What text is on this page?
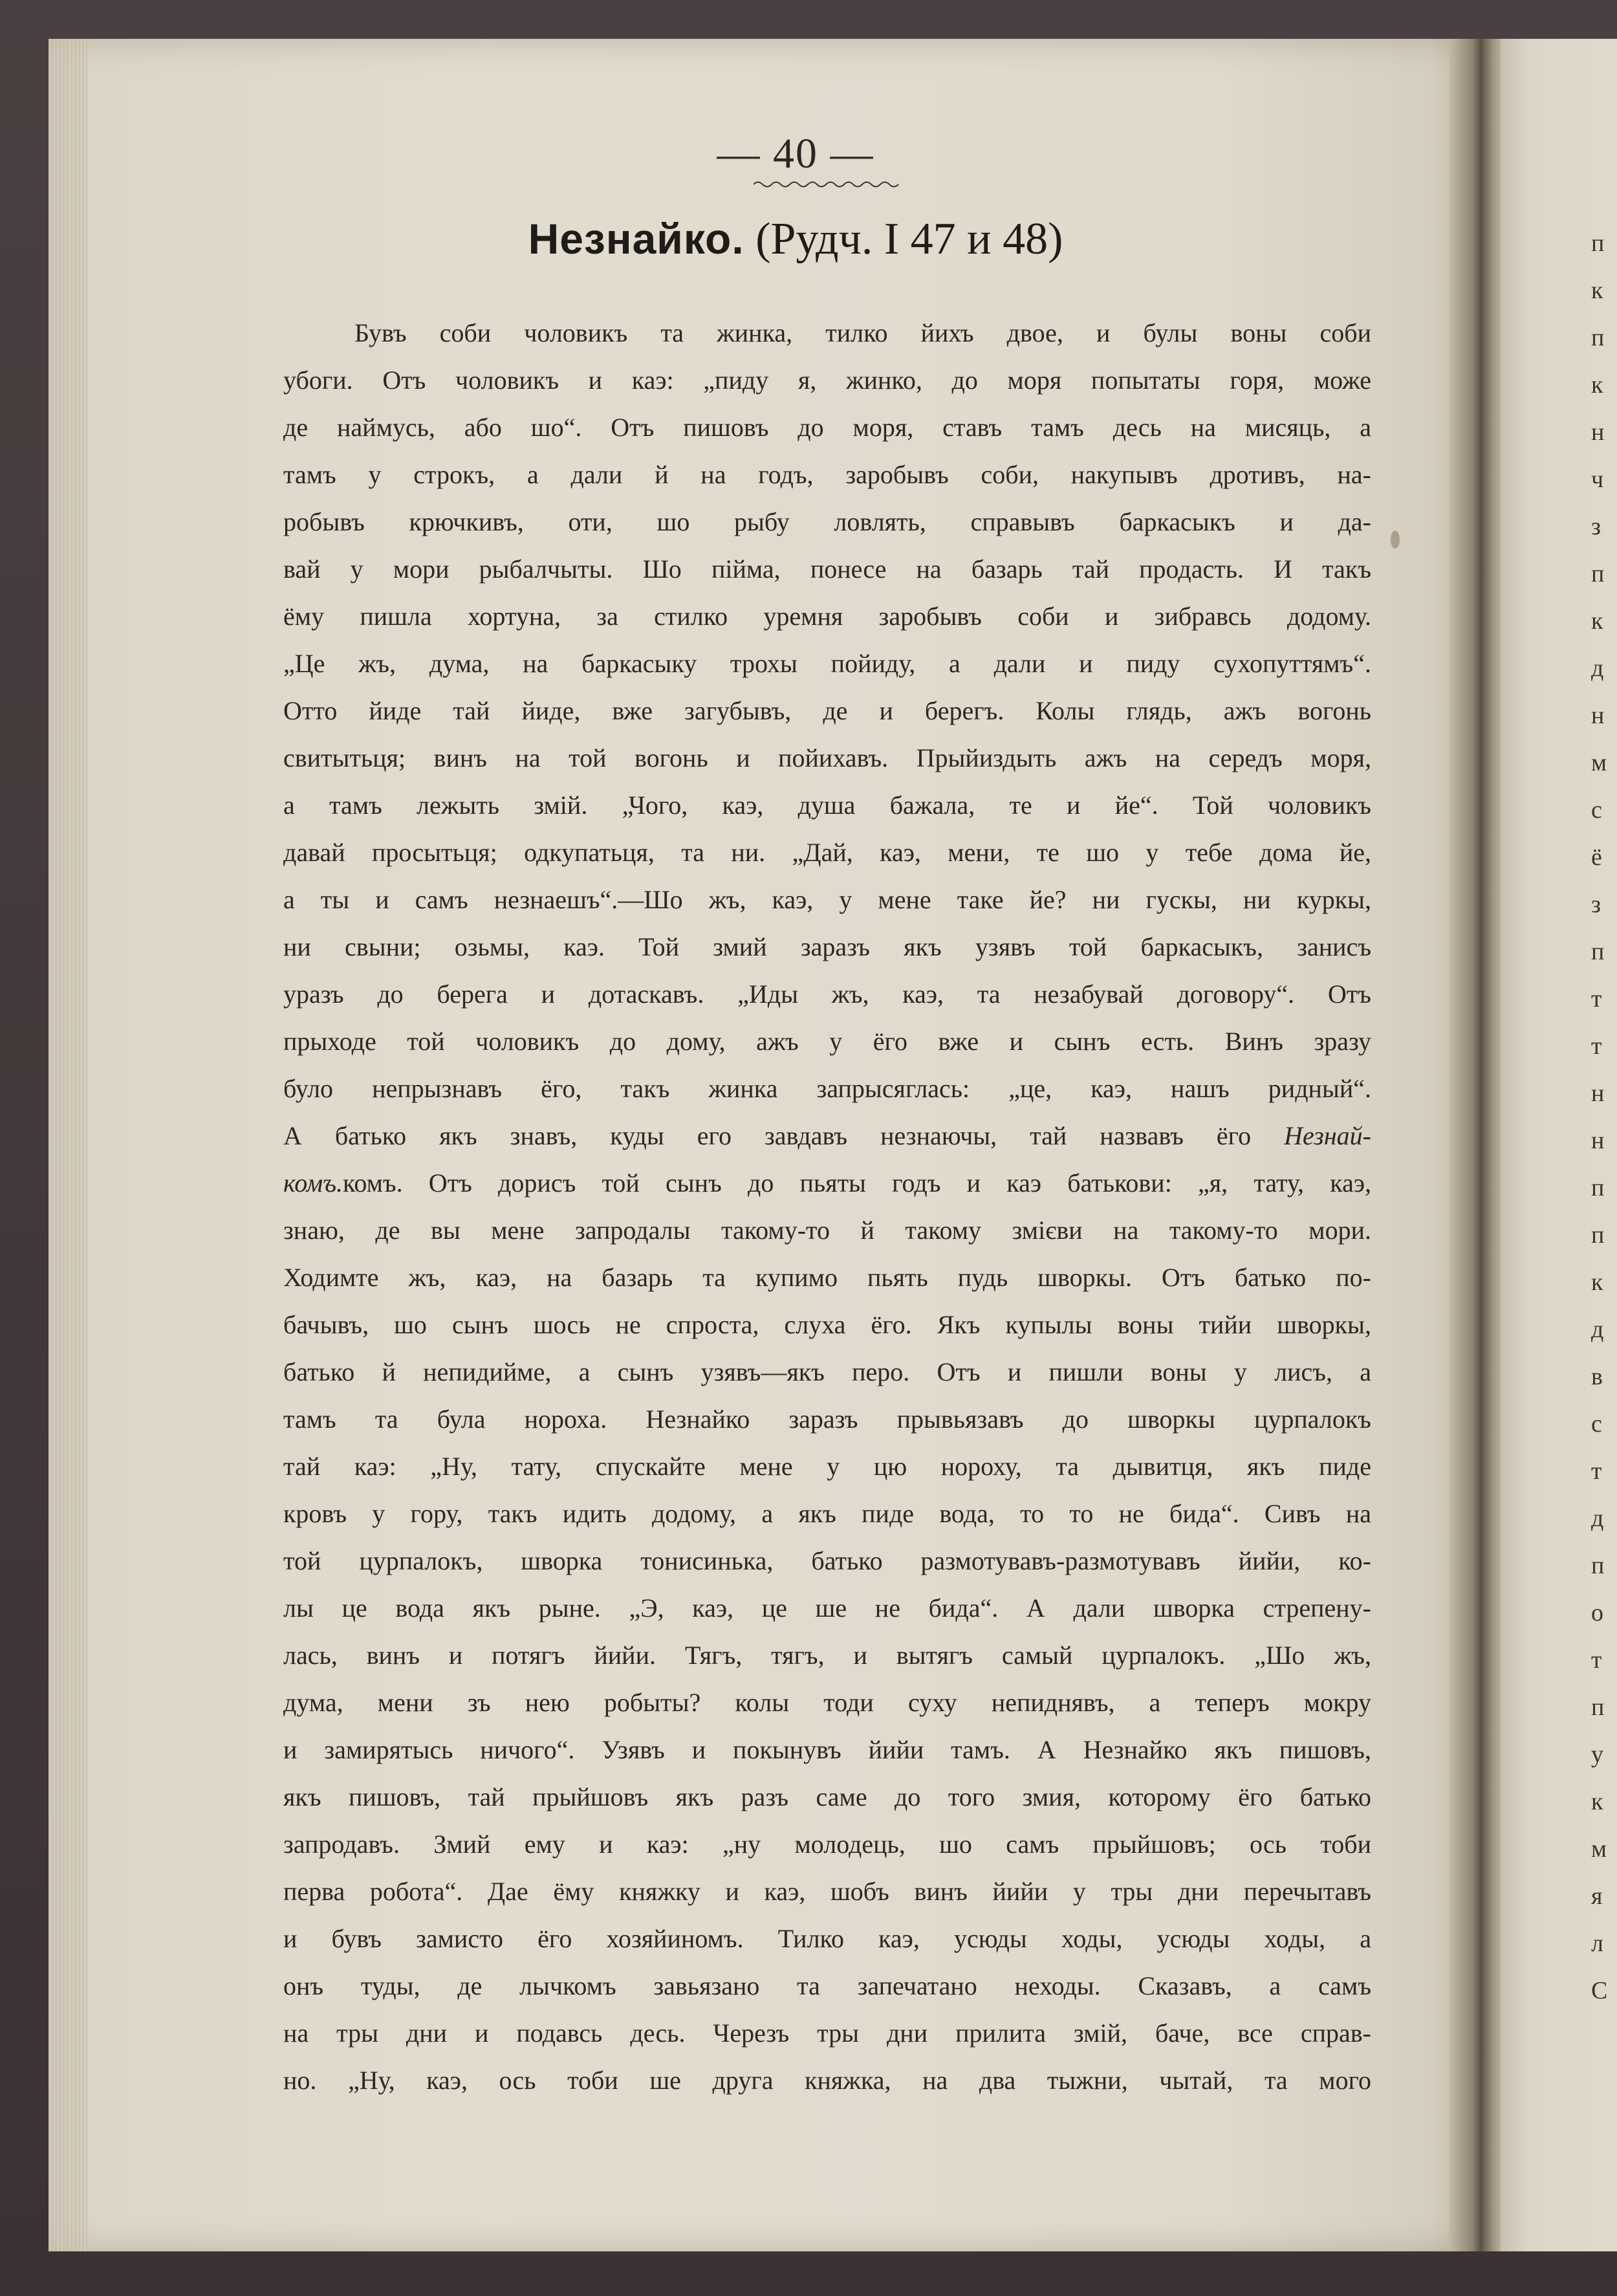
— 40 —
Незнайко. (Рудч. I 47 и 48)
Бувъ соби чоловикъ та жинка, тилко йихъ двое, и булы воны соби
убоги. Отъ чоловикъ и каэ: „пиду я, жинко, до моря попытаты горя, може
де наймусь, або шо“. Отъ пишовъ до моря, ставъ тамъ десь на мисяць, а
тамъ у строкъ, а дали й на годъ, заробывъ соби, накупывъ дротивъ, на-
робывъ крючкивъ, оти, шо рыбу ловлять, справывъ баркасыкъ и да-
вай у мори рыбалчыты. Шо пійма, понесе на базарь тай продасть. И такъ
ёму пишла хортуна, за стилко уремня заробывъ соби и зибравсь додому.
„Це жъ, дума, на баркасыку трохы пойиду, а дали и пиду сухопуттямъ“.
Отто йиде тай йиде, вже загубывъ, де и берегъ. Колы глядь, ажъ вогонь
свитытьця; винъ на той вогонь и пойихавъ. Прыйиздыть ажъ на середъ моря,
а тамъ лежыть змій. „Чого, каэ, душа бажала, те и йе“. Той чоловикъ
давай просытьця; одкупатьця, та ни. „Дай, каэ, мени, те шо у тебе дома йе,
а ты и самъ незнаешъ“.—Шо жъ, каэ, у мене таке йе? ни гускы, ни куркы,
ни свыни; озьмы, каэ. Той змий заразъ якъ узявъ той баркасыкъ, занисъ
уразъ до берега и дотаскавъ. „Иды жъ, каэ, та незабувай договору“. Отъ
прыходе той чоловикъ до дому, ажъ у ёго вже и сынъ есть. Винъ зразу
було непрызнавъ ёго, такъ жинка запрысяглась: „це, каэ, нашъ ридный“.
А батько якъ знавъ, куды его завдавъ незнаючы, тай назвавъ ёго Незнай-
комъ.комъ. Отъ дорисъ той сынъ до пьяты годъ и каэ батькови: „я, тату, каэ,
знаю, де вы мене запродалы такому-то й такому змієви на такому-то мори.
Ходимте жъ, каэ, на базарь та купимо пьять пудь шворкы. Отъ батько по-
бачывъ, шо сынъ шось не спроста, слуха ёго. Якъ купылы воны тийи шворкы,
батько й непидийме, а сынъ узявъ—якъ перо. Отъ и пишли воны у лисъ, а
тамъ та була нороха. Незнайко заразъ прывьязавъ до шворкы цурпалокъ
тай каэ: „Ну, тату, спускайте мене у цю нороху, та дывитця, якъ пиде
кровъ у гору, такъ идить додому, а якъ пиде вода, то то не бида“. Сивъ на
той цурпалокъ, шворка тонисинька, батько размотувавъ-размотувавъ йийи, ко-
лы це вода якъ рыне. „Э, каэ, це ше не бида“. А дали шворка стрепену-
лась, винъ и потягъ йийи. Тягъ, тягъ, и вытягъ самый цурпалокъ. „Шо жъ,
дума, мени зъ нею робыты? колы тоди суху непиднявъ, а теперъ мокру
и замирятысь ничого“. Узявъ и покынувъ йийи тамъ. А Незнайко якъ пишовъ,
якъ пишовъ, тай прыйшовъ якъ разъ саме до того змия, которому ёго батько
запродавъ. Змий ему и каэ: „ну молодець, шо самъ прыйшовъ; ось тоби
перва робота“. Дае ёму княжку и каэ, шобъ винъ йийи у тры дни перечытавъ
и бувъ замисто ёго хозяйиномъ. Тилко каэ, усюды ходы, усюды ходы, а
онъ туды, де лычкомъ завьязано та запечатано неходы. Сказавъ, а самъ
на тры дни и подавсь десь. Черезъ тры дни прилита змій, баче, все справ-
но. „Ну, каэ, ось тоби ше друга княжка, на два тыжни, чытай, та мого
п
к
п
к
н
ч
з
п
к
д
н
м
с
ё
з
п
т
т
н
н
п
п
к
д
в
с
т
д
п
о
т
п
у
к
м
я
л
С
